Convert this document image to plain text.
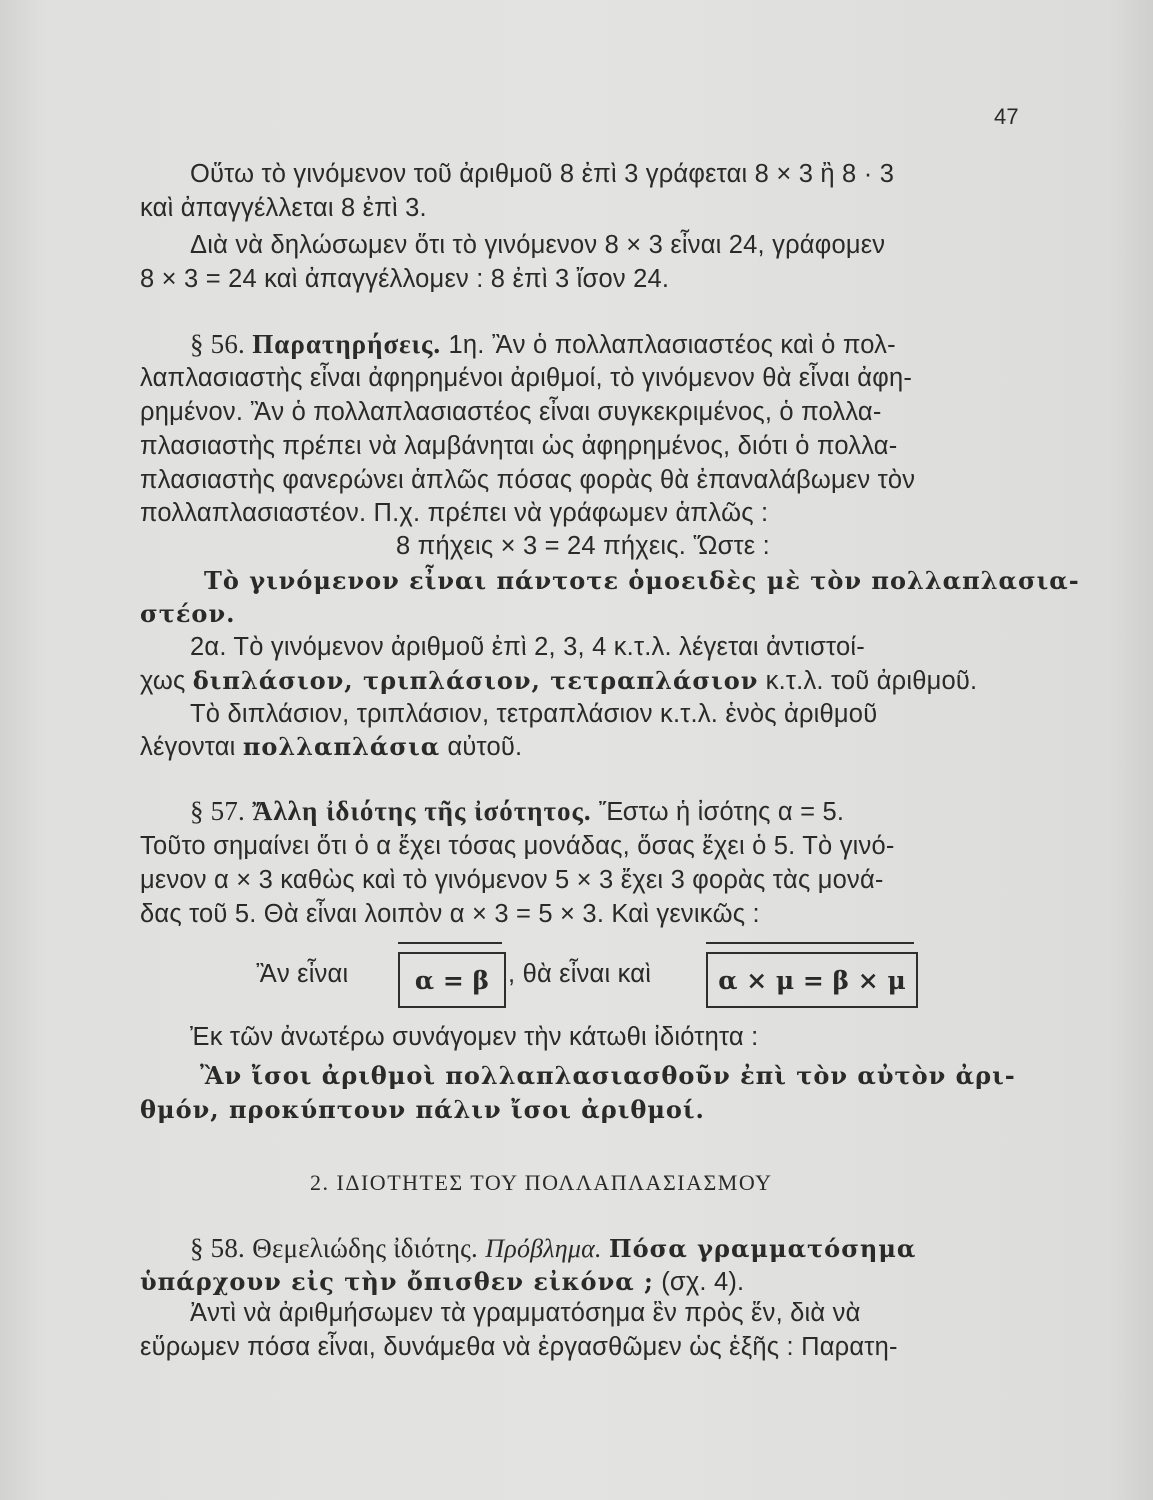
47
Οὕτω τὸ γινόμενον τοῦ ἀριθμοῦ 8 ἐπὶ 3 γράφεται 8 × 3 ἢ 8 · 3
καὶ ἀπαγγέλλεται 8 ἐπὶ 3.
Διὰ νὰ δηλώσωμεν ὅτι τὸ γινόμενον 8 × 3 εἶναι 24, γράφομεν
8 × 3 = 24 καὶ ἀπαγγέλλομεν : 8 ἐπὶ 3 ἴσον 24.
§ 56. Παρατηρήσεις. 1η. Ἂν ὁ πολλαπλασιαστέος καὶ ὁ πολ-
λαπλασιαστὴς εἶναι ἀφηρημένοι ἀριθμοί, τὸ γινόμενον θὰ εἶναι ἀφη-
ρημένον. Ἂν ὁ πολλαπλασιαστέος εἶναι συγκεκριμένος, ὁ πολλα-
πλασιαστὴς πρέπει νὰ λαμβάνηται ὡς ἀφηρημένος, διότι ὁ πολλα-
πλασιαστὴς φανερώνει ἁπλῶς πόσας φορὰς θὰ ἐπαναλάβωμεν τὸν
πολλαπλασιαστέον. Π.χ. πρέπει νὰ γράφωμεν ἁπλῶς :
8 πήχεις × 3 = 24 πήχεις. Ὥστε :
Τὸ γινόμενον εἶναι πάντοτε ὁμοειδὲς μὲ τὸν πολλαπλασια-
στέον.
2α. Τὸ γινόμενον ἀριθμοῦ ἐπὶ 2, 3, 4 κ.τ.λ. λέγεται ἀντιστοί-
χως διπλάσιον, τριπλάσιον, τετραπλάσιον κ.τ.λ. τοῦ ἀριθμοῦ.
Τὸ διπλάσιον, τριπλάσιον, τετραπλάσιον κ.τ.λ. ἑνὸς ἀριθμοῦ
λέγονται πολλαπλάσια αὐτοῦ.
§ 57. Ἄλλη ἰδιότης τῆς ἰσότητος. Ἔστω ἡ ἰσότης α = 5.
Τοῦτο σημαίνει ὅτι ὁ α ἔχει τόσας μονάδας, ὅσας ἔχει ὁ 5. Τὸ γινό-
μενον α × 3 καθὼς καὶ τὸ γινόμενον 5 × 3 ἔχει 3 φορὰς τὰς μονά-
δας τοῦ 5. Θὰ εἶναι λοιπὸν α × 3 = 5 × 3. Καὶ γενικῶς :
Ἂν εἶναι	α = β , θὰ εἶναι καὶ	α × μ = β × μ
Ἐκ τῶν ἀνωτέρω συνάγομεν τὴν κάτωθι ἰδιότητα :
Ἂν ἴσοι ἀριθμοὶ πολλαπλασιασθοῦν ἐπὶ τὸν αὐτὸν ἀρι-
θμόν, προκύπτουν πάλιν ἴσοι ἀριθμοί.
2. ΙΔΙΟΤΗΤΕΣ ΤΟΥ ΠΟΛΛΑΠΛΑΣΙΑΣΜΟΥ
§ 58. Θεμελιώδης ἰδιότης. Πρόβλημα. Πόσα γραμματόσημα
ὑπάρχουν εἰς τὴν ὄπισθεν εἰκόνα ; (σχ. 4).
Ἀντὶ νὰ ἀριθμήσωμεν τὰ γραμματόσημα ἓν πρὸς ἕν, διὰ νὰ
εὕρωμεν πόσα εἶναι, δυνάμεθα νὰ ἐργασθῶμεν ὡς ἑξῆς : Παρατη-
